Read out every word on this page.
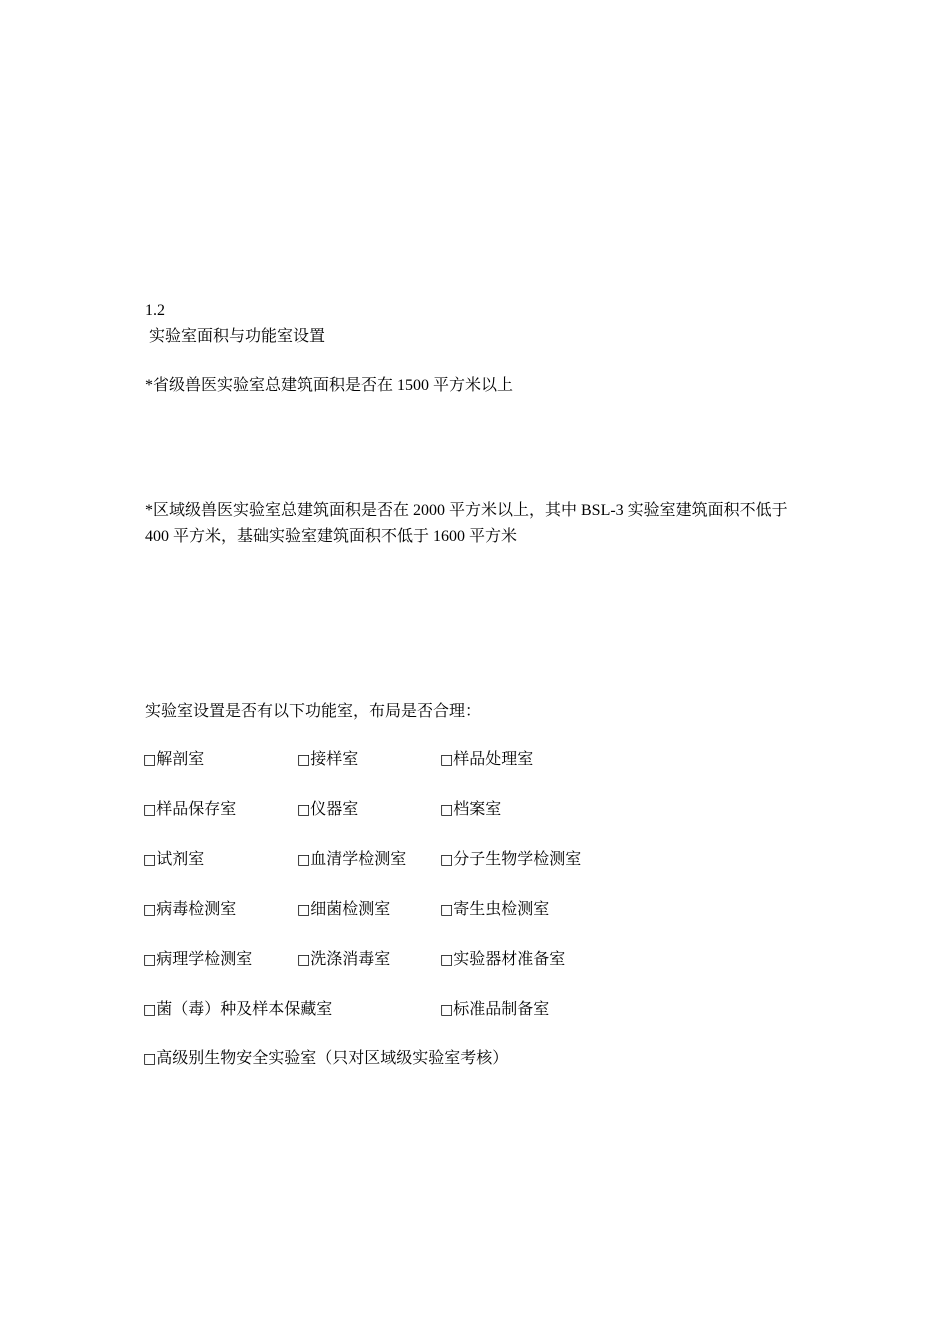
1.2
实验室面积与功能室设置
*省级兽医实验室总建筑面积是否在 1500 平方米以上
*区域级兽医实验室总建筑面积是否在 2000 平方米以上，其中 BSL-3 实验室建筑面积不低于 400 平方米，基础实验室建筑面积不低于 1600 平方米
实验室设置是否有以下功能室，布局是否合理：
□解剖室	□接样室	□样品处理室
□样品保存室	□仪器室	□档案室
□试剂室	□血清学检测室 □分子生物学检测室
□病毒检测室	□细菌检测室	□寄生虫检测室
□病理学检测室	□洗涤消毒室	□实验器材准备室
□菌（毒）种及样本保藏室	□标准品制备室
□高级别生物安全实验室（只对区域级实验室考核）
